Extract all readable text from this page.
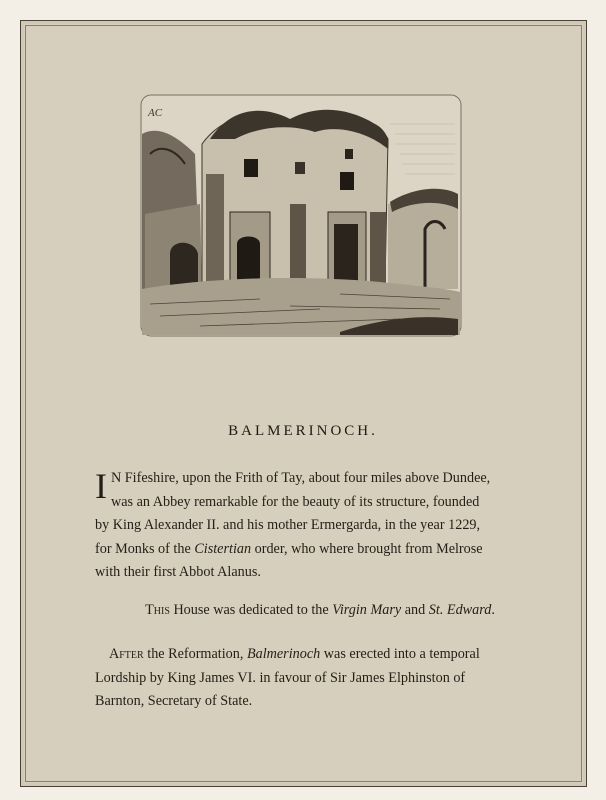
AC
BALMERINOCH.
I N Fifeshire, upon the Frith of Tay, about four miles above Dundee,
was an Abbey remarkable for the beauty of its structure, founded
by King Alexander II. and his mother Ermergarda, in the year 1229,
for Monks of the Cistertian order, who where brought from Melrose
with their first Abbot Alanus.
This House was dedicated to the Virgin Mary and St. Edward.
After the Reformation, Balmerinoch was erected into a temporal
Lordship by King James VI. in favour of Sir James Elphinston of
Barnton, Secretary of State.
